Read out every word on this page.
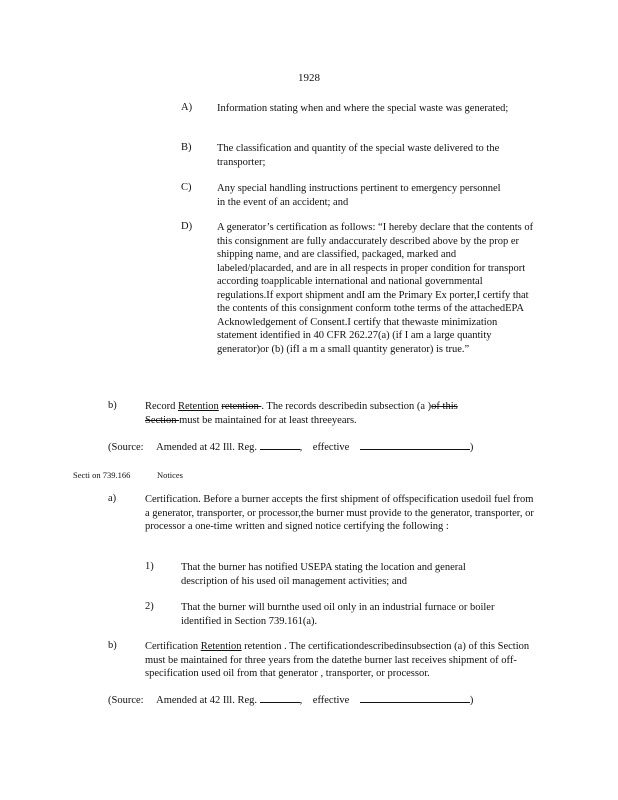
1928
A)	Information stating when and where the special waste was generated;
B)	The classification and quantity of the special waste delivered to the transporter;
C)	Any special handling instructions pertinent to emergency personnel in the event of an accident; and
D)	A generator’s certification as follows: “I hereby declare that the contents of this consignment are fully andaccurately described above by the prop er shipping name, and are classified, packaged, marked and labeled/placarded, and are in all respects in proper condition for transport according toapplicable international and national governmental regulations.If export shipment andI am the Primary Ex porter,I certify that the contents of this consignment conform tothe terms of the attachedEPA Acknowledgement of Consent.I certify that thewaste minimization statement identified in 40 CFR 262.27(a) (if I am a large quantity generator)or (b) (ifI a m a small quantity generator) is true.”
b)	Record Retention retention . The records describedin subsection (a )of this Section must be maintained for at least threeyears.
(Source: Amended at 42 Ill. Reg.	, effective	)
Secti on 739.166	Notices
a)	Certification. Before a burner accepts the first shipment of offspecification usedoil fuel from a generator, transporter, or processor,the burner must provide to the generator, transporter, or processor a one-time written and signed notice certifying the following :
1)	That the burner has notified USEPA stating the location and general description of his used oil management activities; and
2)	That the burner will burnthe used oil only in an industrial furnace or boiler identified in Section 739.161(a).
b)	Certification Retention retention . The certificationdescribedinsubsection (a) of this Section must be maintained for three years from the datethe burner last receives shipment of off-specification used oil from that generator , transporter, or processor.
(Source: Amended at 42 Ill. Reg.	, effective	)
